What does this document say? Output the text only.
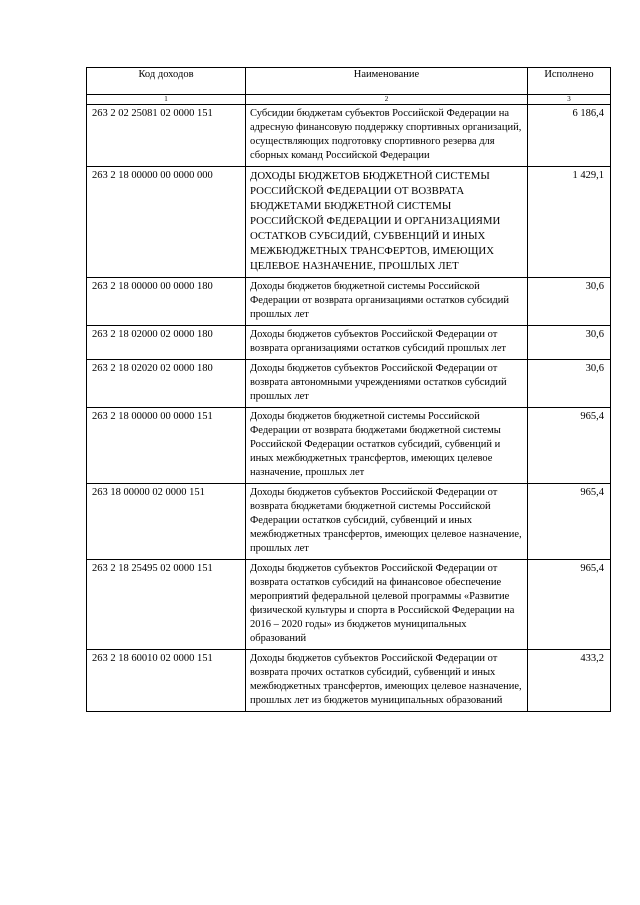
Код доходов	Наименование	Исполнено
1	2	3
263 2 02 25081 02 0000 151	Субсидии бюджетам субъектов Российской Федерации на адресную финансовую поддержку спортивных организаций, осуществляющих подготовку спортивного резерва для сборных команд Российской Федерации	6 186,4
263 2 18 00000 00 0000 000	ДОХОДЫ БЮДЖЕТОВ БЮДЖЕТНОЙ СИСТЕМЫ РОССИЙСКОЙ ФЕДЕРАЦИИ ОТ ВОЗВРАТА БЮДЖЕТАМИ БЮДЖЕТНОЙ СИСТЕМЫ РОССИЙСКОЙ ФЕДЕРАЦИИ И ОРГАНИЗАЦИЯМИ ОСТАТКОВ СУБСИДИЙ, СУБВЕНЦИЙ И ИНЫХ МЕЖБЮДЖЕТНЫХ ТРАНСФЕРТОВ, ИМЕЮЩИХ ЦЕЛЕВОЕ НАЗНАЧЕНИЕ, ПРОШЛЫХ ЛЕТ	1 429,1
263 2 18 00000 00 0000 180	Доходы бюджетов бюджетной системы Российской Федерации от возврата организациями остатков субсидий прошлых лет	30,6
263 2 18 02000 02 0000 180	Доходы бюджетов субъектов Российской Федерации от возврата организациями остатков субсидий прошлых лет	30,6
263 2 18 02020 02 0000 180	Доходы бюджетов субъектов Российской Федерации от возврата автономными учреждениями остатков субсидий прошлых лет	30,6
263 2 18 00000 00 0000 151	Доходы бюджетов бюджетной системы Российской Федерации от возврата бюджетами бюджетной системы Российской Федерации остатков субсидий, субвенций и иных межбюджетных трансфертов, имеющих целевое назначение, прошлых лет	965,4
263 18 00000 02 0000 151	Доходы бюджетов субъектов Российской Федерации от возврата бюджетами бюджетной системы Российской Федерации остатков субсидий, субвенций и иных межбюджетных трансфертов, имеющих целевое назначение, прошлых лет	965,4
263 2 18 25495 02 0000 151	Доходы бюджетов субъектов Российской Федерации от возврата остатков субсидий на финансовое обеспечение мероприятий федеральной целевой программы «Развитие физической культуры и спорта в Российской Федерации на 2016 – 2020 годы» из бюджетов муниципальных образований	965,4
263 2 18 60010 02 0000 151	Доходы бюджетов субъектов Российской Федерации от возврата прочих остатков субсидий, субвенций и иных межбюджетных трансфертов, имеющих целевое назначение, прошлых лет из бюджетов муниципальных образований	433,2
